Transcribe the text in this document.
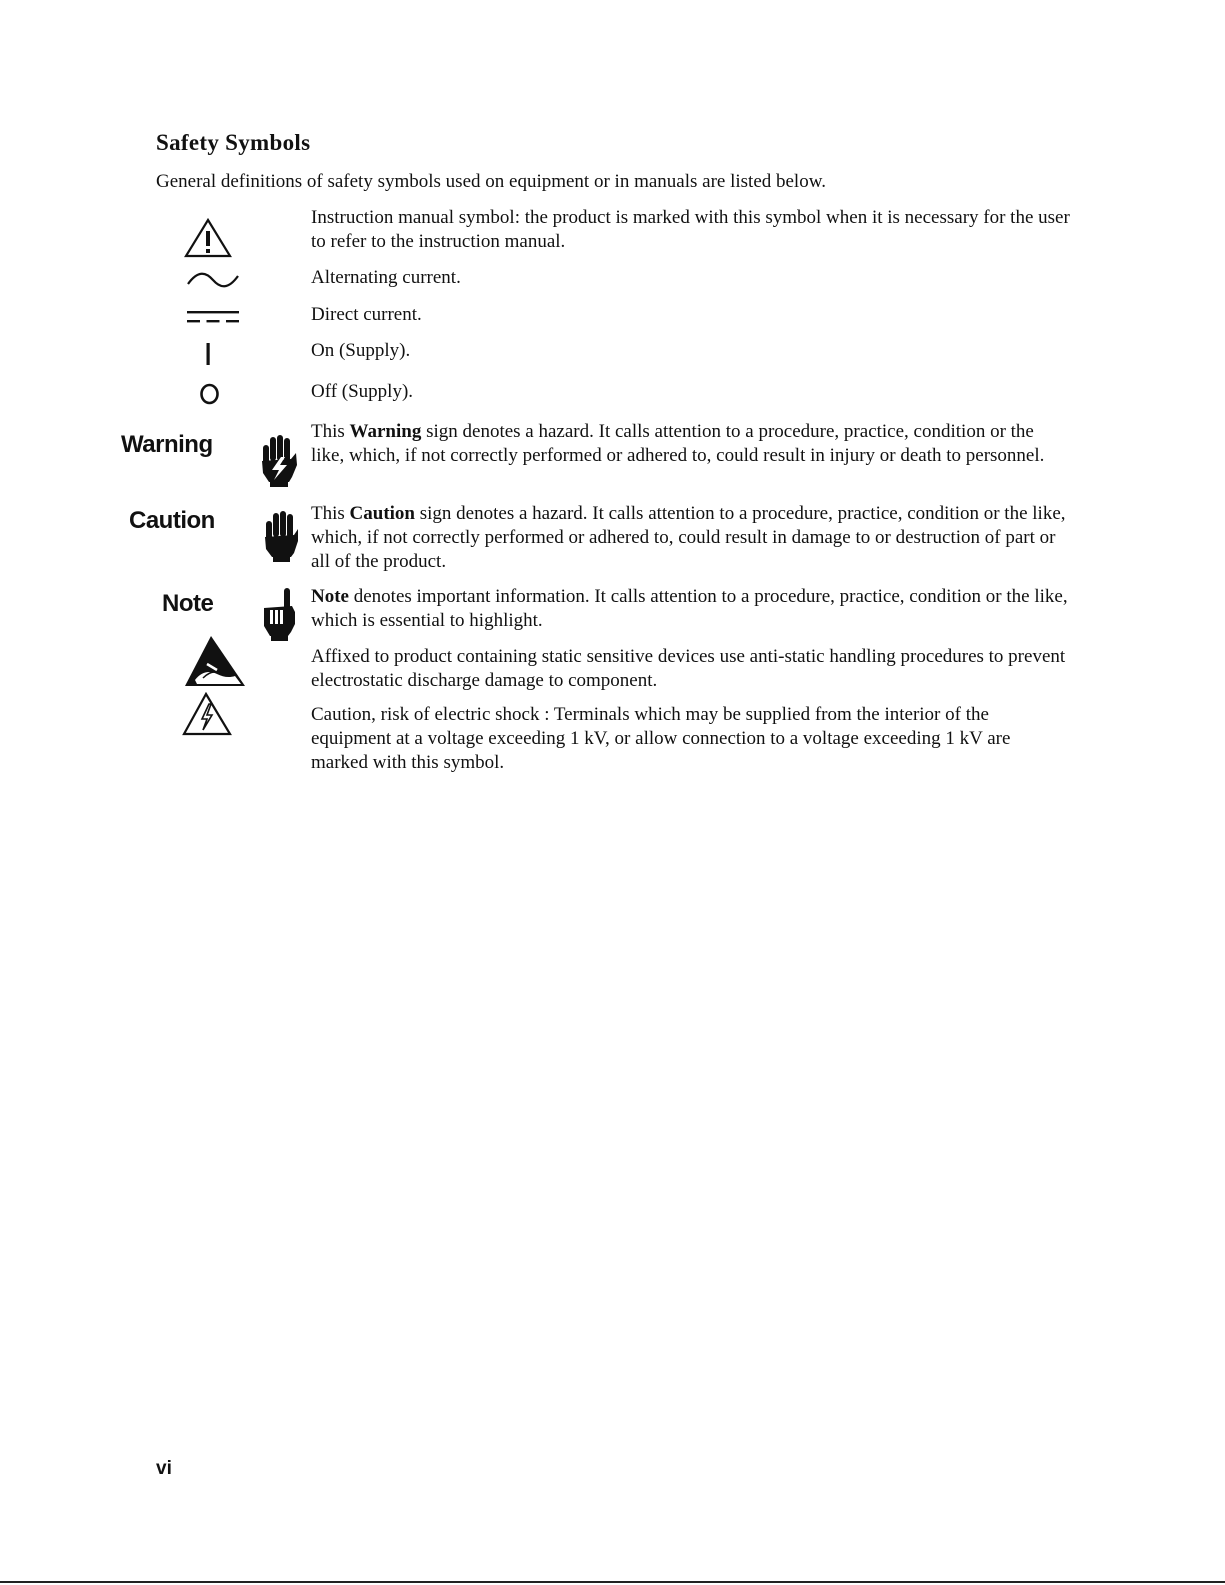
Safety Symbols
General definitions of safety symbols used on equipment or in manuals are listed below.
Instruction manual symbol: the product is marked with this symbol when it is necessary for the user to refer to the instruction manual.
Alternating current.
Direct current.
On (Supply).
Off (Supply).
Warning	This Warning sign denotes a hazard. It calls attention to a procedure, practice, condition or the like, which, if not correctly performed or adhered to, could result in injury or death to personnel.
Caution	This Caution sign denotes a hazard. It calls attention to a procedure, practice, condition or the like, which, if not correctly performed or adhered to, could result in damage to or destruction of part or all of the product.
Note	Note denotes important information. It calls attention to a procedure, practice, condition or the like, which is essential to highlight.
Affixed to product containing static sensitive devices use anti-static handling procedures to prevent electrostatic discharge damage to component.
Caution, risk of electric shock : Terminals which may be supplied from the interior of the equipment at a voltage exceeding 1 kV, or allow connection to a voltage exceeding 1 kV are marked with this symbol.
vi
